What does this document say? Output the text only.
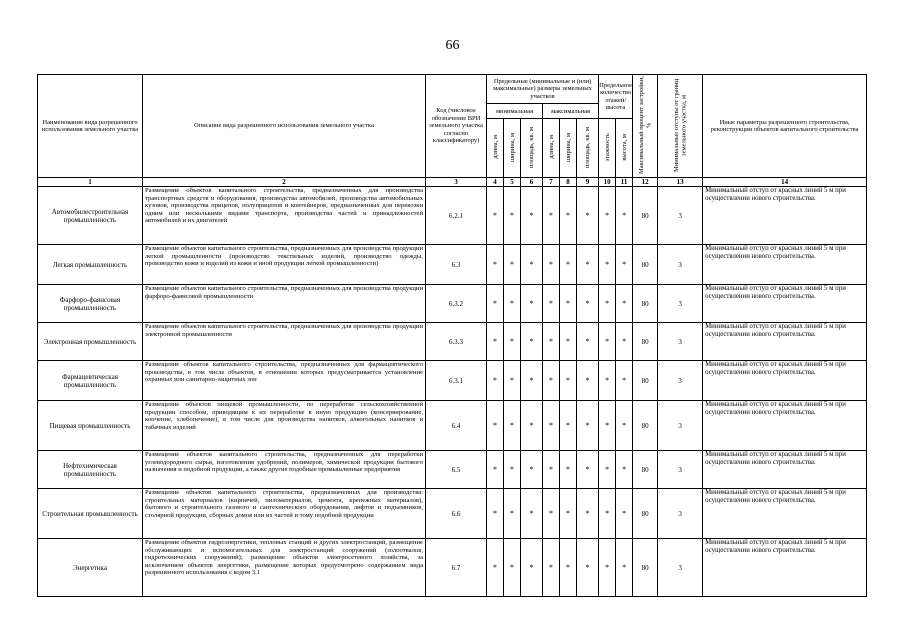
66
Наименование вида разрешенного использования земельного участка	Описание вида разрешенного использования земельного участка	Код (числовое обозначение ВРИ земельного участка согласно классификатору)	Предельные (минимальные и (или) максимальные) размеры земельных участков						Предельное количество этажей/высота		Максимальный процент застройки, %	Минимальные отступы от границ земельного участка, м	Иные параметры разрешенного строительства, реконструкции объектов капитального строительства
			минимальная			максимальная							
			длина, м	ширина, м	площадь, кв. м	длина, м	ширина, м	площадь, кв. м	этажность	высота, м			
1	2	3	4	5	6	7	8	9	10	11	12	13	14
Автомобилестроительная промышленность	Размещение объектов капитального строительства, предназначенных для производства транспортных средств и оборудования, производства автомобилей, производства автомобильных кузовов, производства прицепов, полуприцепов и контейнеров, предназначенных для перевозки одним или несколькими видами транспорта, производства частей и принадлежностей автомобилей и их двигателей	6.2.1	*	*	*	*	*	*	*	*	80	3	Минимальный отступ от красных линий 5 м при осуществлении нового строительства.
Легкая промышленность	Размещение объектов капитального строительства, предназначенных для производства продукции легкой промышленности (производство текстильных изделий, производство одежды, производство кожи и изделий из кожи и иной продукции легкой промышленности)	6.3	*	*	*	*	*	*	*	*	80	3	Минимальный отступ от красных линий 5 м при осуществлении нового строительства.
Фарфоро-фаянсовая промышленность	Размещение объектов капитального строительства, предназначенных для производства продукции фарфоро-фаянсовой промышленности	6.3.2	*	*	*	*	*	*	*	*	80	3	Минимальный отступ от красных линий 5 м при осуществлении нового строительства.
Электронная промышленность	Размещение объектов капитального строительства, предназначенных для производства продукции электронной промышленности	6.3.3	*	*	*	*	*	*	*	*	80	3	Минимальный отступ от красных линий 5 м при осуществлении нового строительства.
Фармацевтическая промышленность	Размещение объектов капитального строительства, предназначенных для фармацевтического производства, в том числе объектов, в отношении которых предусматривается установление охранных или санитарно-защитных зон	6.3.1	*	*	*	*	*	*	*	*	80	3	Минимальный отступ от красных линий 5 м при осуществлении нового строительства.
Пищевая промышленность	Размещение объектов пищевой промышленности, по переработке сельскохозяйственной продукции способом, приводящим к их переработке в иную продукцию (консервирование, копчение, хлебопечение), в том числе для производства напитков, алкогольных напитков и табачных изделий	6.4	*	*	*	*	*	*	*	*	80	3	Минимальный отступ от красных линий 5 м при осуществлении нового строительства.
Нефтехимическая промышленность	Размещение объектов капитального строительства, предназначенных для переработки углеводородного сырья, изготовления удобрений, полимеров, химической продукции бытового назначения и подобной продукции, а также другие подобные промышленные предприятия	6.5	*	*	*	*	*	*	*	*	80	3	Минимальный отступ от красных линий 5 м при осуществлении нового строительства.
Строительная промышленность	Размещение объектов капитального строительства, предназначенных для производства: строительных материалов (кирпичей, пиломатериалов, цемента, крепежных материалов), бытового и строительного газового и сантехнического оборудования, лифтов и подъемников, столярной продукции, сборных домов или их частей и тому подобной продукции	6.6	*	*	*	*	*	*	*	*	80	3	Минимальный отступ от красных линий 5 м при осуществлении нового строительства.
Энергетика	Размещение объектов гидроэнергетики, тепловых станций и других электростанций, размещение обслуживающих и вспомогательных для электростанций сооружений (золоотвалов, гидротехнических сооружений); размещение объектов электросетевого хозяйства, за исключением объектов энергетики, размещение которых предусмотрено содержанием вида разрешенного использования с кодом 3.1	6.7	*	*	*	*	*	*	*	*	80	3	Минимальный отступ от красных линий 5 м при осуществлении нового строительства.
